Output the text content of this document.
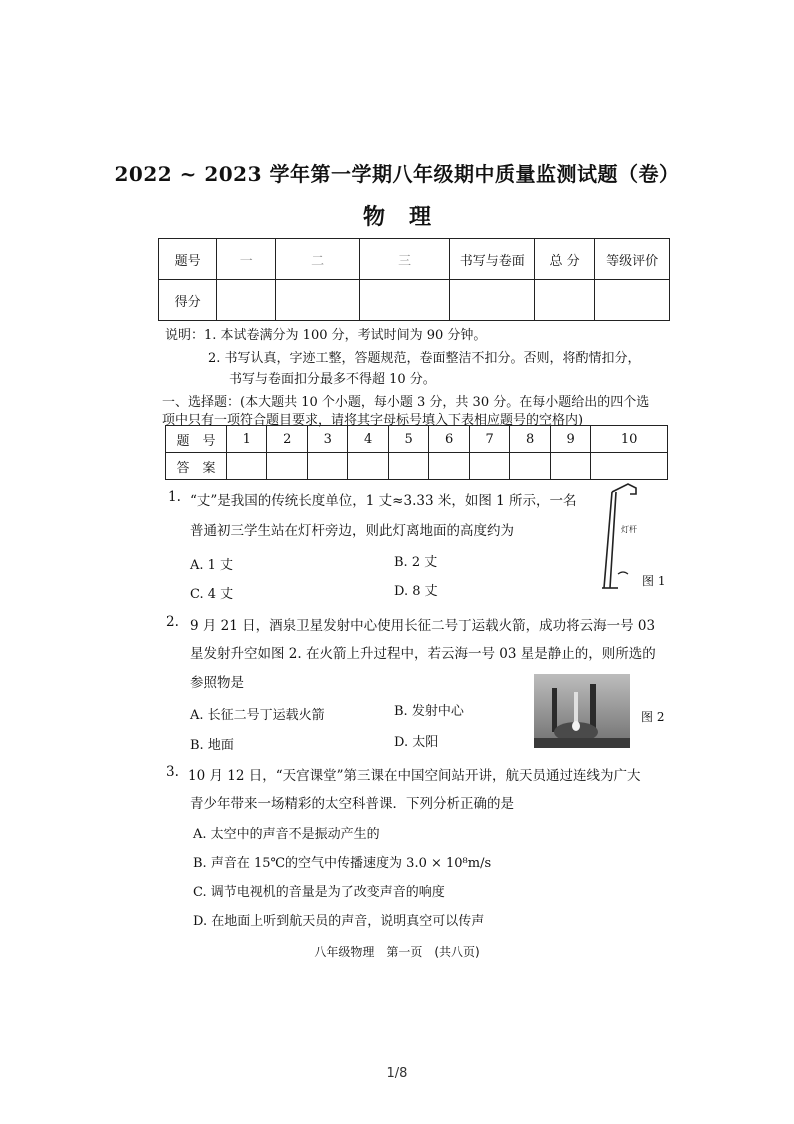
2022 ~ 2023 学年第一学期八年级期中质量监测试题（卷）
物理
题号	一	二	三	书写与卷面	总 分	等级评价
得分						
说明：1. 本试卷满分为 100 分，考试时间为 90 分钟。
2. 书写认真，字迹工整，答题规范，卷面整洁不扣分。否则，将酌情扣分，
书写与卷面扣分最多不得超 10 分。
一、选择题：(本大题共 10 个小题，每小题 3 分，共 30 分。在每小题给出的四个选
项中只有一项符合题目要求，请将其字母标号填入下表相应题号的空格内)
题　号	1	2	3	4	5	6	7	8	9	10
答　案										
1. “丈”是我国的传统长度单位，1 丈≈3.33 米，如图 1 所示，一名
普通初三学生站在灯杆旁边，则此灯离地面的高度约为
A. 1 丈	B. 2 丈
C. 4 丈	D. 8 丈
灯杆
图 1
2. 9 月 21 日，酒泉卫星发射中心使用长征二号丁运载火箭，成功将云海一号 03
星发射升空如图 2. 在火箭上升过程中，若云海一号 03 星是静止的，则所选的
参照物是
A. 长征二号丁运载火箭	B. 发射中心
B. 地面	D. 太阳
图 2
3. 10 月 12 日，“天宫课堂”第三课在中国空间站开讲，航天员通过连线为广大
青少年带来一场精彩的太空科普课．下列分析正确的是
A. 太空中的声音不是振动产生的
B. 声音在 15℃的空气中传播速度为 3.0 × 10⁸m/s
C. 调节电视机的音量是为了改变声音的响度
D. 在地面上听到航天员的声音，说明真空可以传声
八年级物理　第一页　(共八页)
1/8
